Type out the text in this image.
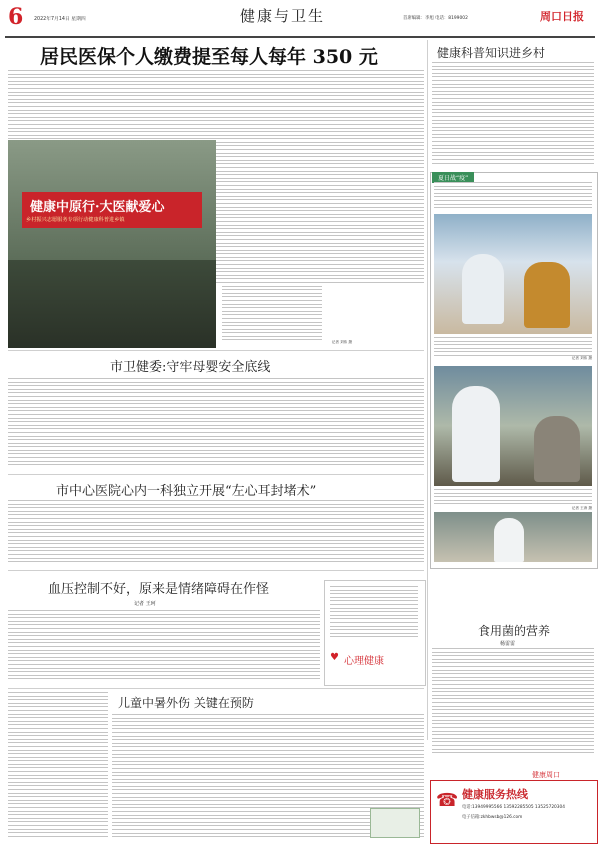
6 2022年7月14日 星期四	健康与卫生	首席编辑：李旭 电话：8199002	周口日报
居民医保个人缴费提至每人每年 350 元
健康中原行·大医献爱心
乡村振兴志愿服务专项行动健康科普进乡镇
记者 刘伟 摄
健康科普知识进乡村
夏日战“疫”
记者 刘伟 摄
记者 王涛 摄
市卫健委:守牢母婴安全底线
市中心医院心内一科独立开展“左心耳封堵术”
血压控制不好，原来是情绪障碍在作怪
记者 王珂
♥ 心理健康
食用菌的营养
杨雷雷
健康周口
儿童中暑外伤 关键在预防
☎ 健康服务热线
电话:13949995566 13592285505 13525720304
电子信箱:zkhbwsb@126.com
